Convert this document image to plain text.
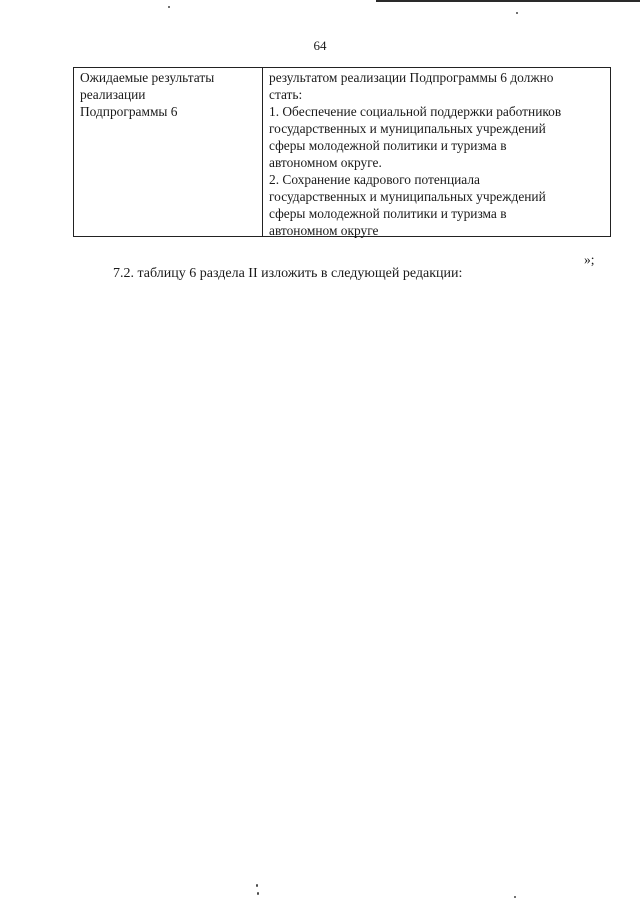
64
Ожидаемые результаты
реализации
Подпрограммы 6
результатом реализации Подпрограммы 6 должно
стать:
1. Обеспечение социальной поддержки работников
государственных и муниципальных учреждений
сферы молодежной политики и туризма в
автономном округе.
2. Сохранение кадрового потенциала
государственных и муниципальных учреждений
сферы молодежной политики и туризма в
автономном округе
»;
7.2. таблицу 6 раздела II изложить в следующей редакции:
